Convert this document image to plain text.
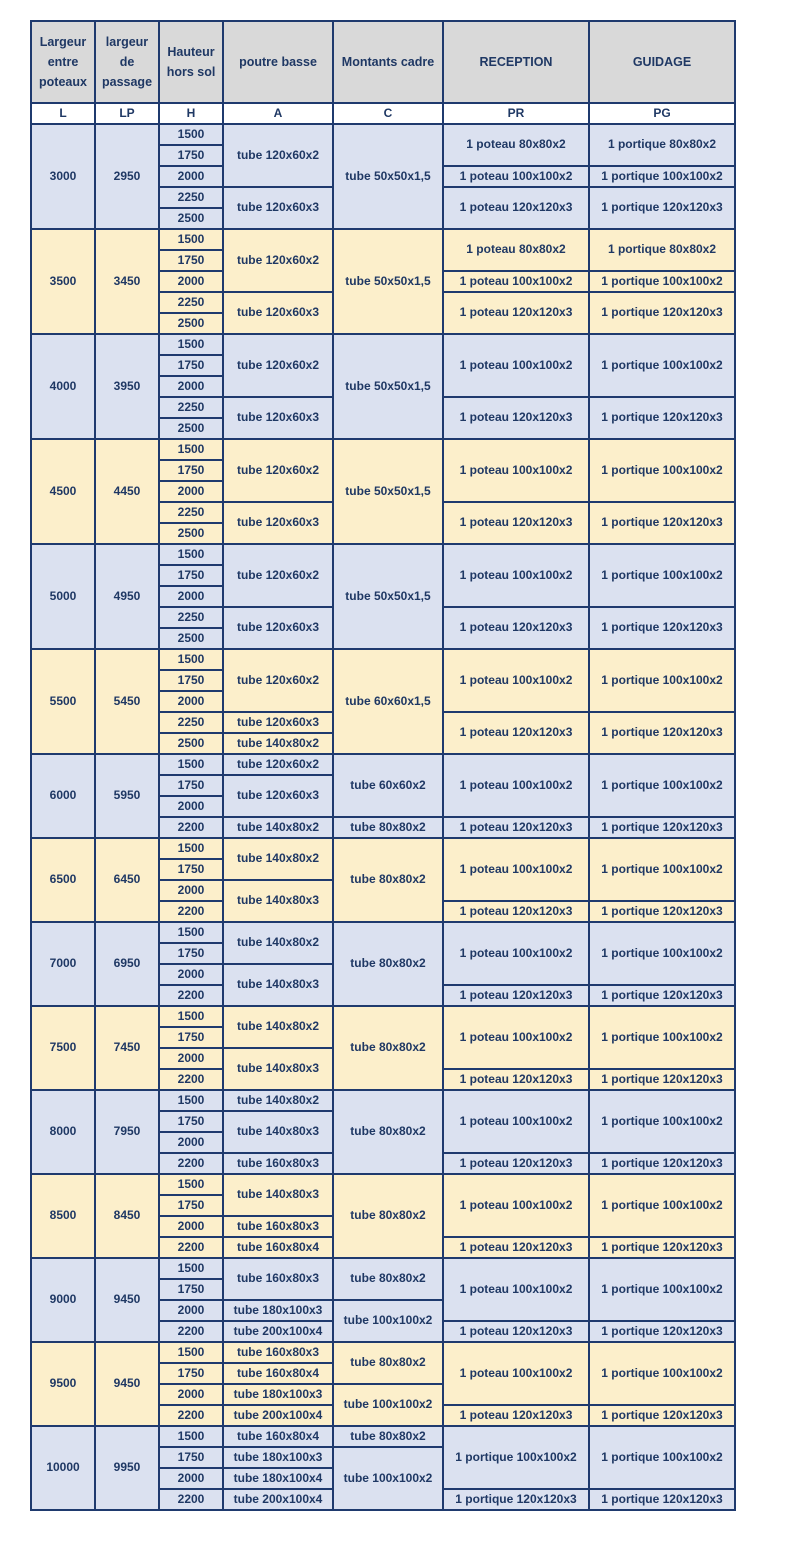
Largeur entre poteaux	largeur de passage	Hauteur hors sol	poutre basse	Montants cadre	RECEPTION	GUIDAGE
L	LP	H	A	C	PR	PG
3000	2950	1500	tube 120x60x2	tube 50x50x1,5	1 poteau 80x80x2	1 portique 80x80x2
		1750				
		2000			1 poteau 100x100x2	1 portique 100x100x2
		2250	tube 120x60x3		1 poteau 120x120x3	1 portique 120x120x3
		2500				
3500	3450	1500	tube 120x60x2	tube 50x50x1,5	1 poteau 80x80x2	1 portique 80x80x2
		1750				
		2000			1 poteau 100x100x2	1 portique 100x100x2
		2250	tube 120x60x3		1 poteau 120x120x3	1 portique 120x120x3
		2500				
4000	3950	1500	tube 120x60x2	tube 50x50x1,5	1 poteau 100x100x2	1 portique 100x100x2
		1750				
		2000				
		2250	tube 120x60x3		1 poteau 120x120x3	1 portique 120x120x3
		2500				
4500	4450	1500	tube 120x60x2	tube 50x50x1,5	1 poteau 100x100x2	1 portique 100x100x2
		1750				
		2000				
		2250	tube 120x60x3		1 poteau 120x120x3	1 portique 120x120x3
		2500				
5000	4950	1500	tube 120x60x2	tube 50x50x1,5	1 poteau 100x100x2	1 portique 100x100x2
		1750				
		2000				
		2250	tube 120x60x3		1 poteau 120x120x3	1 portique 120x120x3
		2500				
5500	5450	1500	tube 120x60x2	tube 60x60x1,5	1 poteau 100x100x2	1 portique 100x100x2
		1750				
		2000				
		2250	tube 120x60x3		1 poteau 120x120x3	1 portique 120x120x3
		2500	tube 140x80x2			
6000	5950	1500	tube 120x60x2	tube 60x60x2	1 poteau 100x100x2	1 portique 100x100x2
		1750	tube 120x60x3			
		2000				
		2200	tube 140x80x2	tube 80x80x2	1 poteau 120x120x3	1 portique 120x120x3
6500	6450	1500	tube 140x80x2	tube 80x80x2	1 poteau 100x100x2	1 portique 100x100x2
		1750				
		2000	tube 140x80x3			
		2200			1 poteau 120x120x3	1 portique 120x120x3
7000	6950	1500	tube 140x80x2	tube 80x80x2	1 poteau 100x100x2	1 portique 100x100x2
		1750				
		2000	tube 140x80x3			
		2200			1 poteau 120x120x3	1 portique 120x120x3
7500	7450	1500	tube 140x80x2	tube 80x80x2	1 poteau 100x100x2	1 portique 100x100x2
		1750				
		2000	tube 140x80x3			
		2200			1 poteau 120x120x3	1 portique 120x120x3
8000	7950	1500	tube 140x80x2	tube 80x80x2	1 poteau 100x100x2	1 portique 100x100x2
		1750	tube 140x80x3			
		2000				
		2200	tube 160x80x3		1 poteau 120x120x3	1 portique 120x120x3
8500	8450	1500	tube 140x80x3	tube 80x80x2	1 poteau 100x100x2	1 portique 100x100x2
		1750				
		2000	tube 160x80x3			
		2200	tube 160x80x4		1 poteau 120x120x3	1 portique 120x120x3
9000	9450	1500	tube 160x80x3	tube 80x80x2	1 poteau 100x100x2	1 portique 100x100x2
		1750				
		2000	tube 180x100x3	tube 100x100x2		
		2200	tube 200x100x4		1 poteau 120x120x3	1 portique 120x120x3
9500	9450	1500	tube 160x80x3	tube 80x80x2	1 poteau 100x100x2	1 portique 100x100x2
		1750	tube 160x80x4			
		2000	tube 180x100x3	tube 100x100x2		
		2200	tube 200x100x4		1 poteau 120x120x3	1 portique 120x120x3
10000	9950	1500	tube 160x80x4	tube 80x80x2	1 portique 100x100x2	1 portique 100x100x2
		1750	tube 180x100x3	tube 100x100x2		
		2000	tube 180x100x4			
		2200	tube 200x100x4		1 portique 120x120x3	1 portique 120x120x3
